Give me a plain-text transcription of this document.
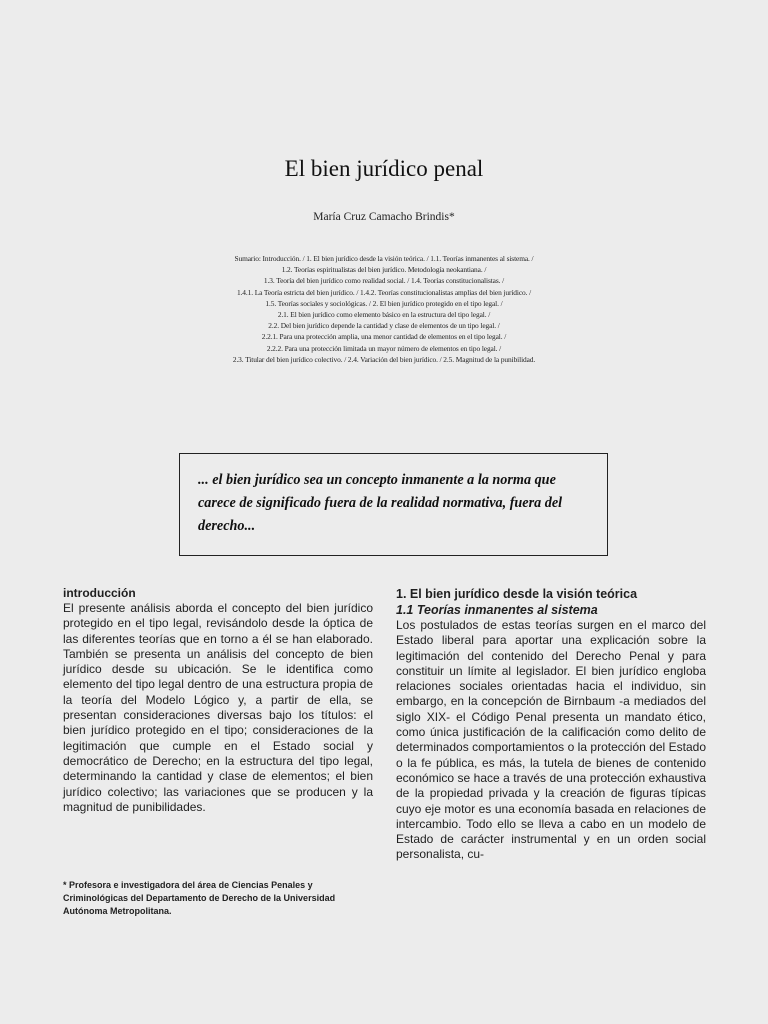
El bien jurídico penal
María Cruz Camacho Brindis*
Sumario: Introducción. / 1. El bien jurídico desde la visión teórica. / 1.1. Teorías inmanentes al sistema. /
1.2. Teorías espiritualistas del bien jurídico. Metodología neokantiana. /
1.3. Teoría del bien jurídico como realidad social. / 1.4. Teorías constitucionalistas. /
1.4.1. La Teoría estricta del bien jurídico. / 1.4.2. Teorías constitucionalistas amplias del bien jurídico. /
1.5. Teorías sociales y sociológicas. / 2. El bien jurídico protegido en el tipo legal. /
2.1. El bien jurídico como elemento básico en la estructura del tipo legal. /
2.2. Del bien jurídico depende la cantidad y clase de elementos de un tipo legal. /
2.2.1. Para una protección amplia, una menor cantidad de elementos en el tipo legal. /
2.2.2. Para una protección limitada un mayor número de elementos en tipo legal. /
2.3. Titular del bien jurídico colectivo. / 2.4. Variación del bien jurídico. / 2.5. Magnitud de la punibilidad.
... el bien jurídico sea un concepto inmanente a la norma que carece de significado fuera de la realidad normativa, fuera del derecho...
introducción

El presente análisis aborda el concepto del bien jurídico protegido en el tipo legal, revisándolo desde la óptica de las diferentes teorías que en torno a él se han elaborado. También se presenta un análisis del concepto de bien jurídico desde su ubicación. Se le identifica como elemento del tipo legal dentro de una estructura propia de la teoría del Modelo Lógico y, a partir de ella, se presentan consideraciones diversas bajo los títulos: el bien jurídico protegido en el tipo; consideraciones de la legitimación que cumple en el Estado social y democrático de Derecho; en la estructura del tipo legal, determinando la cantidad y clase de elementos; el bien jurídico colectivo; las variaciones que se producen y la magnitud de punibilidades.

1. El bien jurídico desde la visión teórica
1.1 Teorías inmanentes al sistema

Los postulados de estas teorías surgen en el marco del Estado liberal para aportar una explicación sobre la legitimación del contenido del Derecho Penal y para constituir un límite al legislador. El bien jurídico engloba relaciones sociales orientadas hacia el individuo, sin embargo, en la concepción de Birnbaum -a mediados del siglo XIX- el Código Penal presenta un mandato ético, como única justificación de la calificación como delito de determinados comportamientos o la protección del Estado o la fe pública, es más, la tutela de bienes de contenido económico se hace a través de una protección exhaustiva de la propiedad privada y la creación de figuras típicas cuyo eje motor es una economía basada en relaciones de intercambio. Todo ello se lleva a cabo en un modelo de Estado de carácter instrumental y en un orden social personalista, cu-

* Profesora e investigadora del área de Ciencias Penales y Criminológicas del Departamento de Derecho de la Universidad Autónoma Metropolitana.
